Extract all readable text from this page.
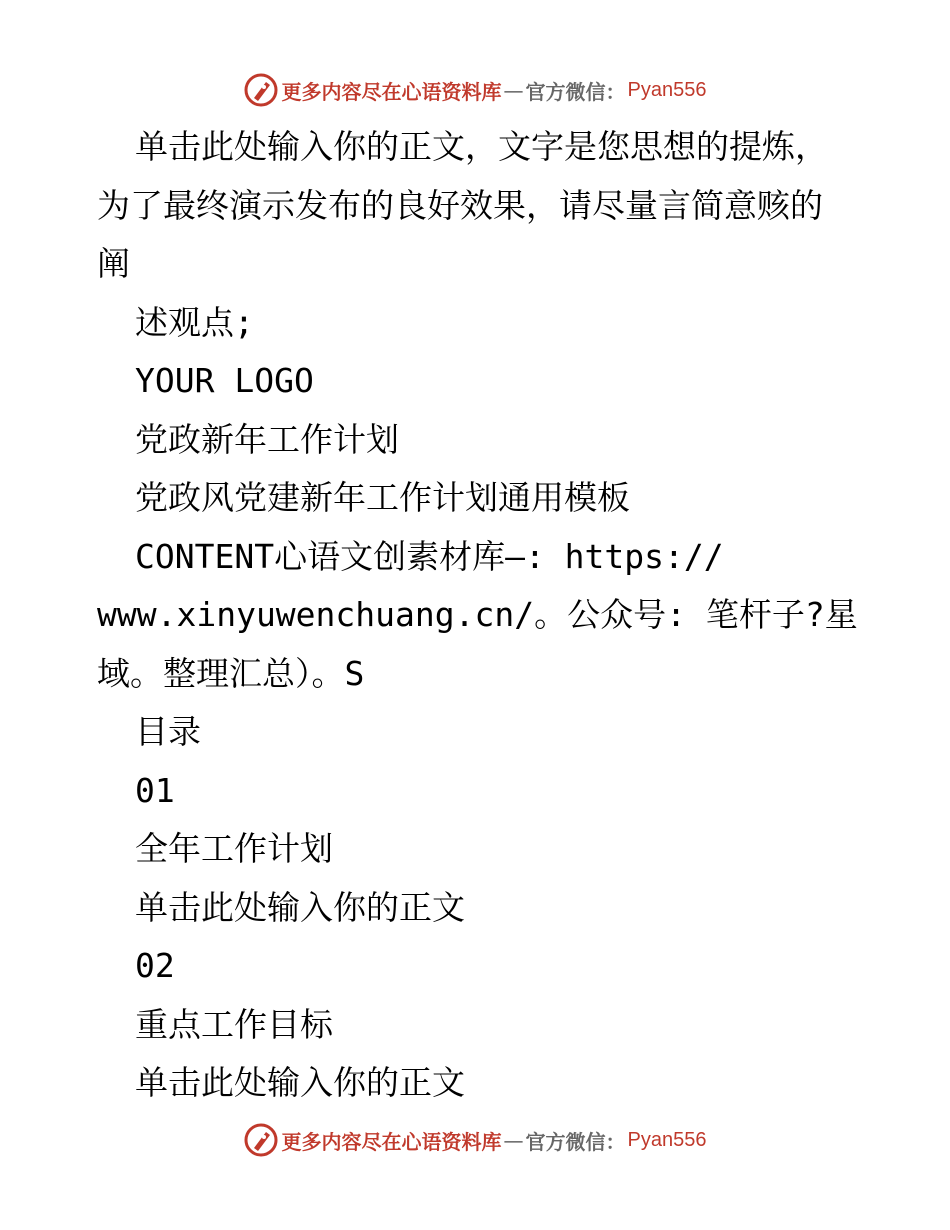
更多内容尽在心语资料库 — 官方微信： Pyan556
单击此处输入你的正文，文字是您思想的提炼，
为了最终演示发布的良好效果，请尽量言简意赅的
阐
述观点;
YOUR LOGO
党政新年工作计划
党政风党建新年工作计划通用模板
CONTENT心语文创素材库—: https://
www.xinyuwenchuang.cn/。公众号: 笔杆子?星
域。整理汇总）。S
目录
01
全年工作计划
单击此处输入你的正文
02
重点工作目标
单击此处输入你的正文
更多内容尽在心语资料库 — 官方微信： Pyan556
